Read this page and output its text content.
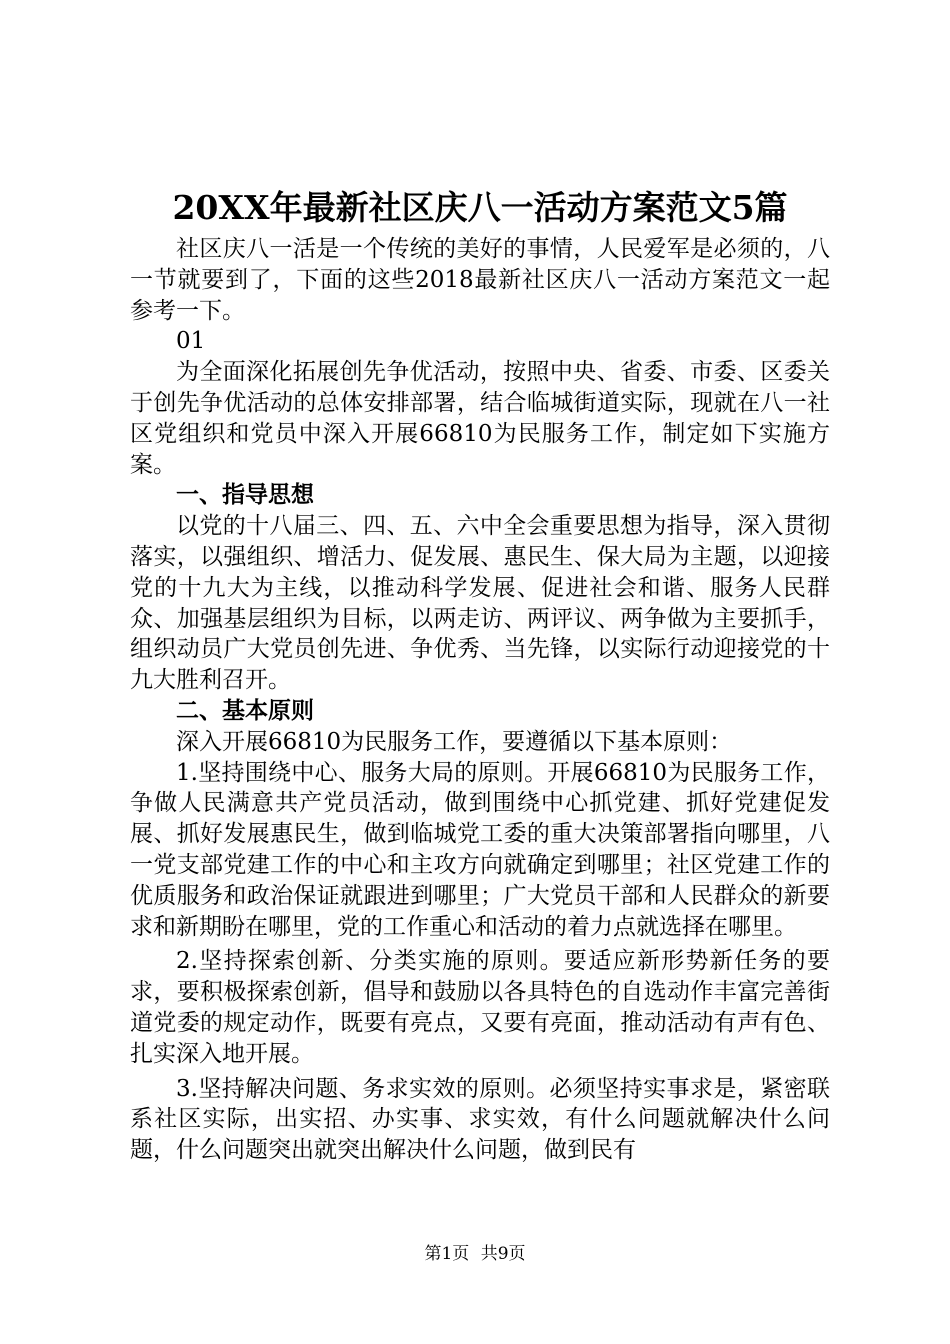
20XX年最新社区庆八一活动方案范文5篇

社区庆八一活是一个传统的美好的事情，人民爱军是必须的，八一节就要到了，下面的这些2018最新社区庆八一活动方案范文一起参考一下。

01

为全面深化拓展创先争优活动，按照中央、省委、市委、区委关于创先争优活动的总体安排部署，结合临城街道实际，现就在八一社区党组织和党员中深入开展66810为民服务工作，制定如下实施方案。

一、指导思想

以党的十八届三、四、五、六中全会重要思想为指导，深入贯彻落实，以强组织、增活力、促发展、惠民生、保大局为主题，以迎接党的十九大为主线，以推动科学发展、促进社会和谐、服务人民群众、加强基层组织为目标，以两走访、两评议、两争做为主要抓手，组织动员广大党员创先进、争优秀、当先锋，以实际行动迎接党的十九大胜利召开。

二、基本原则

深入开展66810为民服务工作，要遵循以下基本原则：

1.坚持围绕中心、服务大局的原则。开展66810为民服务工作，争做人民满意共产党员活动，做到围绕中心抓党建、抓好党建促发展、抓好发展惠民生，做到临城党工委的重大决策部署指向哪里，八一党支部党建工作的中心和主攻方向就确定到哪里；社区党建工作的优质服务和政治保证就跟进到哪里；广大党员干部和人民群众的新要求和新期盼在哪里，党的工作重心和活动的着力点就选择在哪里。

2.坚持探索创新、分类实施的原则。要适应新形势新任务的要求，要积极探索创新，倡导和鼓励以各具特色的自选动作丰富完善街道党委的规定动作，既要有亮点，又要有亮面，推动活动有声有色、扎实深入地开展。

3.坚持解决问题、务求实效的原则。必须坚持实事求是，紧密联系社区实际，出实招、办实事、求实效，有什么问题就解决什么问题，什么问题突出就突出解决什么问题，做到民有

第1页 共9页
